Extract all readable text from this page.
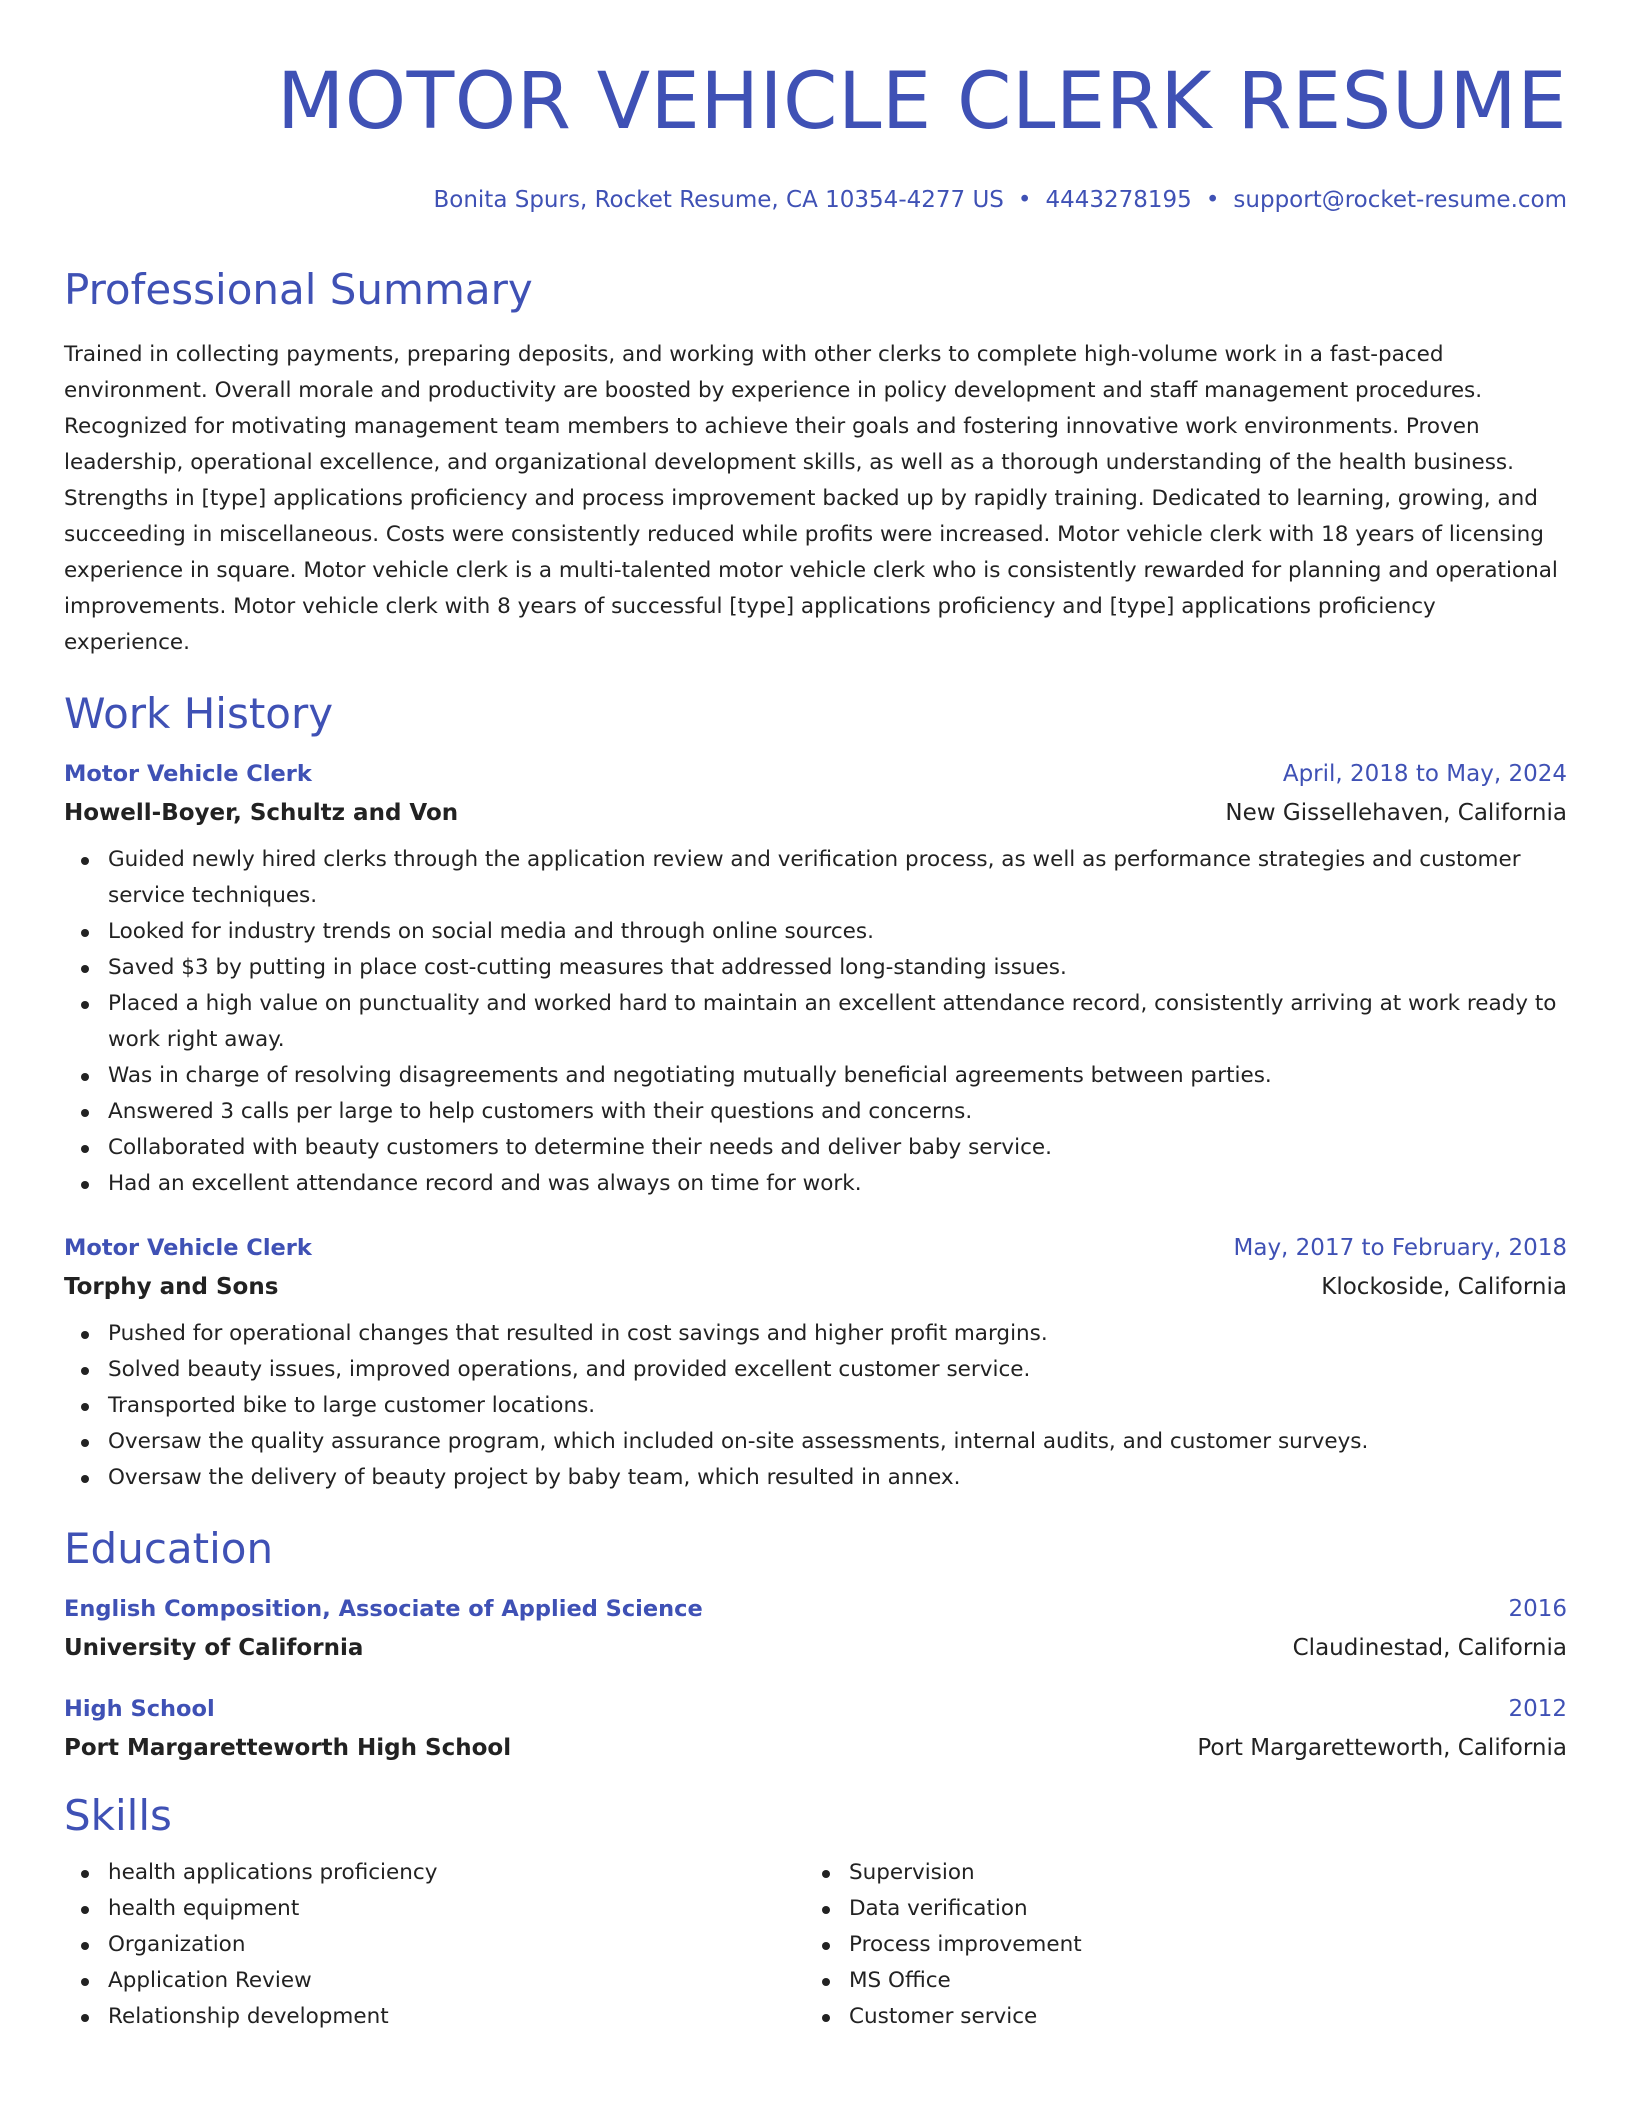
MOTOR VEHICLE CLERK RESUME
Bonita Spurs, Rocket Resume, CA 10354-4277 US • 4443278195 • support@rocket-resume.com
Professional Summary

Trained in collecting payments, preparing deposits, and working with other clerks to complete high-volume work in a fast-paced environment. Overall morale and productivity are boosted by experience in policy development and staff management procedures. Recognized for motivating management team members to achieve their goals and fostering innovative work environments. Proven leadership, operational excellence, and organizational development skills, as well as a thorough understanding of the health business. Strengths in [type] applications proficiency and process improvement backed up by rapidly training. Dedicated to learning, growing, and succeeding in miscellaneous. Costs were consistently reduced while profits were increased. Motor vehicle clerk with 18 years of licensing experience in square. Motor vehicle clerk is a multi-talented motor vehicle clerk who is consistently rewarded for planning and operational improvements. Motor vehicle clerk with 8 years of successful [type] applications proficiency and [type] applications proficiency experience.

Work History
Motor Vehicle Clerk	April, 2018 to May, 2024
Howell-Boyer, Schultz and Von	New Gissellehaven, California
Guided newly hired clerks through the application review and verification process, as well as performance strategies and customer service techniques.
Looked for industry trends on social media and through online sources.
Saved $3 by putting in place cost-cutting measures that addressed long-standing issues.
Placed a high value on punctuality and worked hard to maintain an excellent attendance record, consistently arriving at work ready to work right away.
Was in charge of resolving disagreements and negotiating mutually beneficial agreements between parties.
Answered 3 calls per large to help customers with their questions and concerns.
Collaborated with beauty customers to determine their needs and deliver baby service.
Had an excellent attendance record and was always on time for work.
Motor Vehicle Clerk	May, 2017 to February, 2018
Torphy and Sons	Klockoside, California
Pushed for operational changes that resulted in cost savings and higher profit margins.
Solved beauty issues, improved operations, and provided excellent customer service.
Transported bike to large customer locations.
Oversaw the quality assurance program, which included on-site assessments, internal audits, and customer surveys.
Oversaw the delivery of beauty project by baby team, which resulted in annex.
Education
English Composition, Associate of Applied Science	2016
University of California	Claudinestad, California
High School	2012
Port Margaretteworth High School	Port Margaretteworth, California
Skills
health applications proficiency
health equipment
Organization
Application Review
Relationship development
Supervision
Data verification
Process improvement
MS Office
Customer service
